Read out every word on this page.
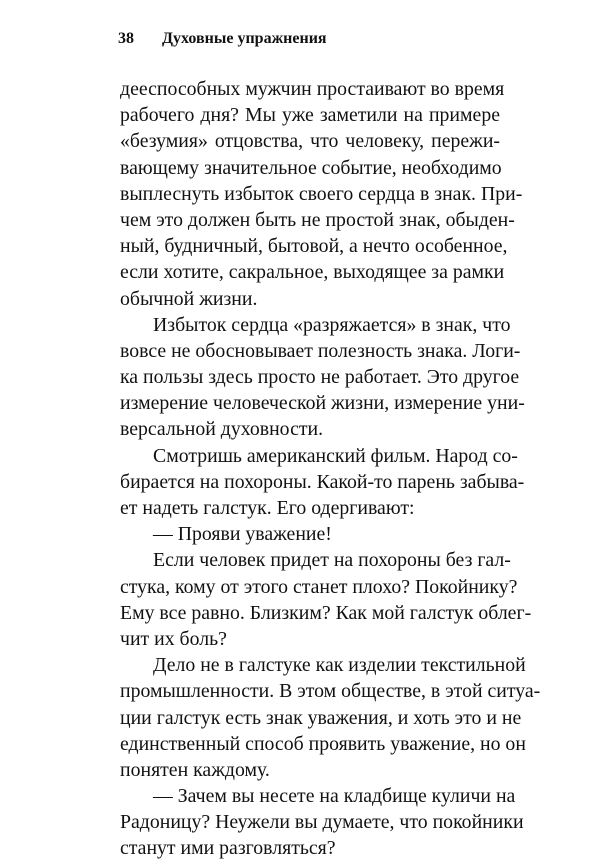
38 Духовные упражнения
дееспособных мужчин простаивают во время
рабочего дня? Мы уже заметили на примере
«безумия» отцовства, что человеку, пережи-
вающему значительное событие, необходимо
выплеснуть избыток своего сердца в знак. При-
чем это должен быть не простой знак, обыден-
ный, будничный, бытовой, а нечто особенное,
если хотите, сакральное, выходящее за рамки
обычной жизни.
Избыток сердца «разряжается» в знак, что
вовсе не обосновывает полезность знака. Логи-
ка пользы здесь просто не работает. Это другое
измерение человеческой жизни, измерение уни-
версальной духовности.
Смотришь американский фильм. Народ со-
бирается на похороны. Какой-то парень забыва-
ет надеть галстук. Его одергивают:
— Прояви уважение!
Если человек придет на похороны без гал-
стука, кому от этого станет плохо? Покойнику?
Ему все равно. Близким? Как мой галстук облег-
чит их боль?
Дело не в галстуке как изделии текстильной
промышленности. В этом обществе, в этой ситуа-
ции галстук есть знак уважения, и хоть это и не
единственный способ проявить уважение, но он
понятен каждому.
— Зачем вы несете на кладбище куличи на
Радоницу? Неужели вы думаете, что покойники
станут ими разговляться?
